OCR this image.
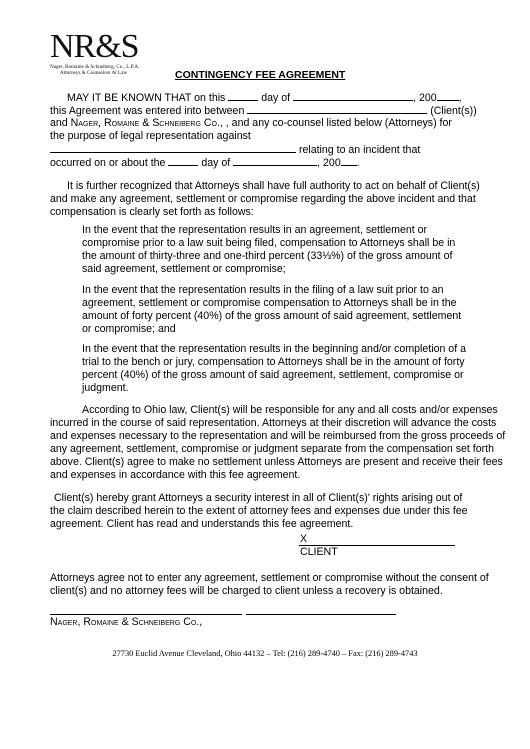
NR&S
Nager, Romaine & Schneiberg, Co., L.P.A.
Attorneys & Counselors At Law	CONTINGENCY FEE AGREEMENT
MAY IT BE KNOWN THAT on this	day of	, 200 ,
this Agreement was entered into between	(Client(s))
and Nager, Romaine & Schneiberg Co., , and any co-counsel listed below (Attorneys) for
the purpose of legal representation against
relating to an incident that
occurred on or about the	day of	, 200 .
It is further recognized that Attorneys shall have full authority to act on behalf of Client(s)
and make any agreement, settlement or compromise regarding the above incident and that
compensation is clearly set forth as follows:
In the event that the representation results in an agreement, settlement or
compromise prior to a law suit being filed, compensation to Attorneys shall be in
the amount of thirty-three and one-third percent (33⅓%) of the gross amount of
said agreement, settlement or compromise;
In the event that the representation results in the filing of a law suit prior to an
agreement, settlement or compromise compensation to Attorneys shall be in the
amount of forty percent (40%) of the gross amount of said agreement, settlement
or compromise; and
In the event that the representation results in the beginning and/or completion of a
trial to the bench or jury, compensation to Attorneys shall be in the amount of forty
percent (40%) of the gross amount of said agreement, settlement, compromise or
judgment.
According to Ohio law, Client(s) will be responsible for any and all costs and/or expenses
incurred in the course of said representation. Attorneys at their discretion will advance the costs
and expenses necessary to the representation and will be reimbursed from the gross proceeds of
any agreement, settlement, compromise or judgment separate from the compensation set forth
above. Client(s) agree to make no settlement unless Attorneys are present and receive their fees
and expenses in accordance with this fee agreement.
Client(s) hereby grant Attorneys a security interest in all of Client(s)' rights arising out of
the claim described herein to the extent of attorney fees and expenses due under this fee
agreement. Client has read and understands this fee agreement.
X
CLIENT
Attorneys agree not to enter any agreement, settlement or compromise without the consent of
client(s) and no attorney fees will be charged to client unless a recovery is obtained.
Nager, Romaine & Schneiberg Co.,
27730 Euclid Avenue Cleveland, Ohio 44132 – Tel: (216) 289-4740 – Fax: (216) 289-4743
